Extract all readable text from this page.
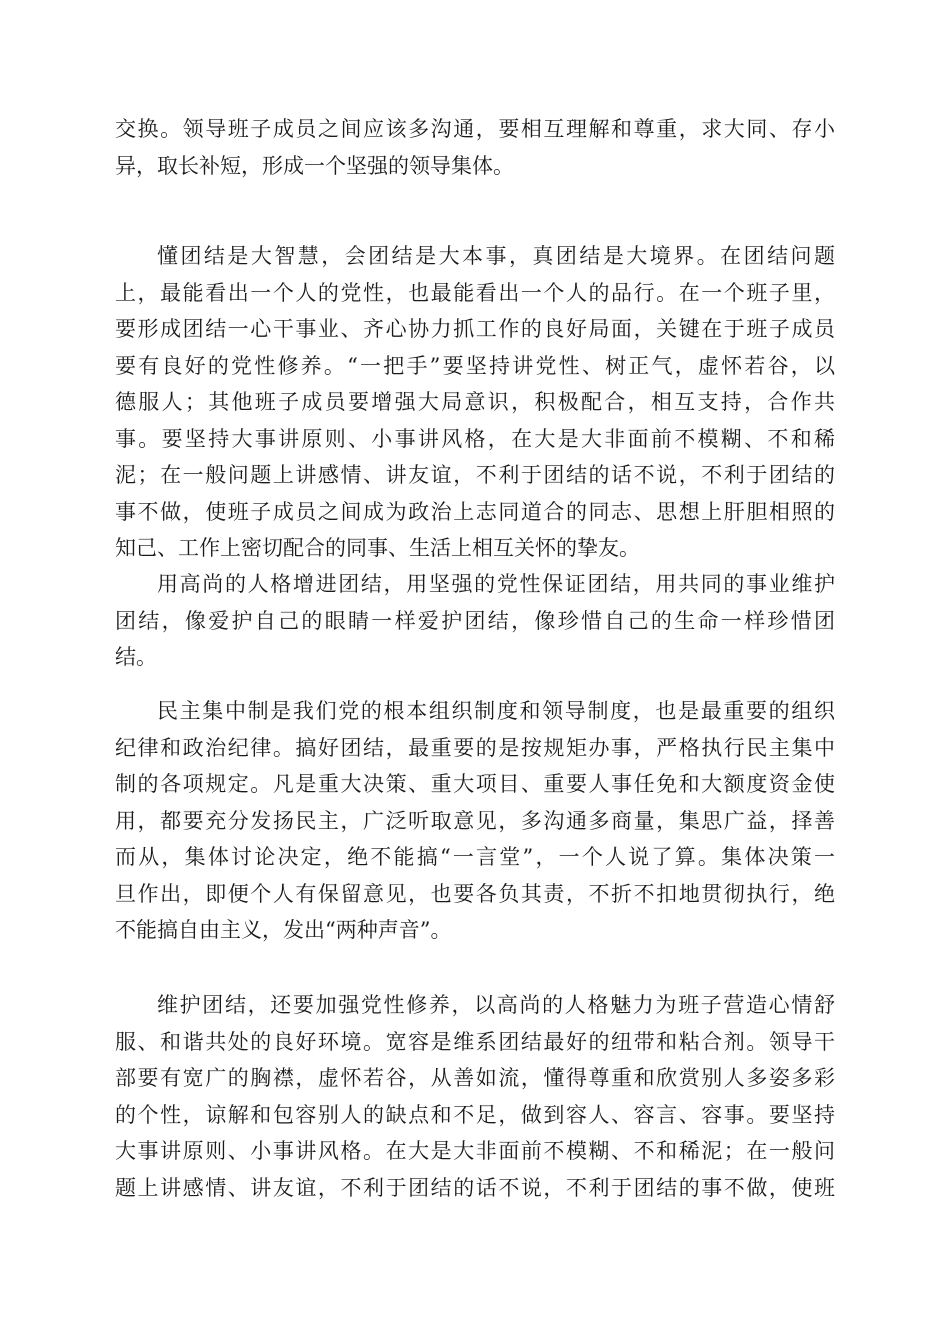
交换。领导班子成员之间应该多沟通，要相互理解和尊重，求大同、存小
异，取长补短，形成一个坚强的领导集体。
懂团结是大智慧，会团结是大本事，真团结是大境界。在团结问题
上，最能看出一个人的党性，也最能看出一个人的品行。在一个班子里，
要形成团结一心干事业、齐心协力抓工作的良好局面，关键在于班子成员
要有良好的党性修养。“一把手”要坚持讲党性、树正气，虚怀若谷，以
德服人；其他班子成员要增强大局意识，积极配合，相互支持，合作共
事。要坚持大事讲原则、小事讲风格，在大是大非面前不模糊、不和稀
泥；在一般问题上讲感情、讲友谊，不利于团结的话不说，不利于团结的
事不做，使班子成员之间成为政治上志同道合的同志、思想上肝胆相照的
知己、工作上密切配合的同事、生活上相互关怀的挚友。
用高尚的人格增进团结，用坚强的党性保证团结，用共同的事业维护
团结，像爱护自己的眼睛一样爱护团结，像珍惜自己的生命一样珍惜团
结。
民主集中制是我们党的根本组织制度和领导制度，也是最重要的组织
纪律和政治纪律。搞好团结，最重要的是按规矩办事，严格执行民主集中
制的各项规定。凡是重大决策、重大项目、重要人事任免和大额度资金使
用，都要充分发扬民主，广泛听取意见，多沟通多商量，集思广益，择善
而从，集体讨论决定，绝不能搞“一言堂”，一个人说了算。集体决策一
旦作出，即便个人有保留意见，也要各负其责，不折不扣地贯彻执行，绝
不能搞自由主义，发出“两种声音”。
维护团结，还要加强党性修养，以高尚的人格魅力为班子营造心情舒
服、和谐共处的良好环境。宽容是维系团结最好的纽带和粘合剂。领导干
部要有宽广的胸襟，虚怀若谷，从善如流，懂得尊重和欣赏别人多姿多彩
的个性，谅解和包容别人的缺点和不足，做到容人、容言、容事。要坚持
大事讲原则、小事讲风格。在大是大非面前不模糊、不和稀泥；在一般问
题上讲感情、讲友谊，不利于团结的话不说，不利于团结的事不做，使班
